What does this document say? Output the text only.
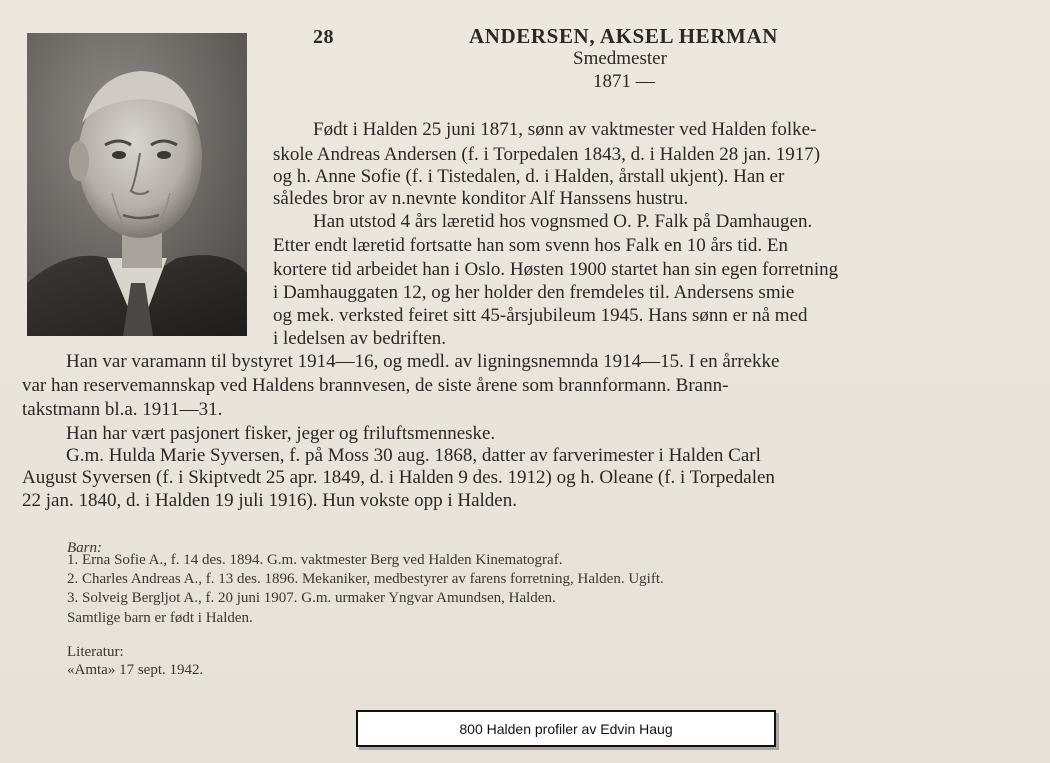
28	ANDERSEN, AKSEL HERMAN
Smedmester
1871 —
Født i Halden 25 juni 1871, sønn av vaktmester ved Halden folke-
skole Andreas Andersen (f. i Torpedalen 1843, d. i Halden 28 jan. 1917)
og h. Anne Sofie (f. i Tistedalen, d. i Halden, årstall ukjent). Han er
således bror av n.nevnte konditor Alf Hanssens hustru.
Han utstod 4 års læretid hos vognsmed O. P. Falk på Damhaugen.
Etter endt læretid fortsatte han som svenn hos Falk en 10 års tid. En
kortere tid arbeidet han i Oslo. Høsten 1900 startet han sin egen forretning
i Damhauggaten 12, og her holder den fremdeles til. Andersens smie
og mek. verksted feiret sitt 45-årsjubileum 1945. Hans sønn er nå med
i ledelsen av bedriften.
Han var varamann til bystyret 1914—16, og medl. av ligningsnemnda 1914—15. I en årrekke
var han reservemannskap ved Haldens brannvesen, de siste årene som brannformann. Brann-
takstmann bl.a. 1911—31.
Han har vært pasjonert fisker, jeger og friluftsmenneske.
G.m. Hulda Marie Syversen, f. på Moss 30 aug. 1868, datter av farverimester i Halden Carl
August Syversen (f. i Skiptvedt 25 apr. 1849, d. i Halden 9 des. 1912) og h. Oleane (f. i Torpedalen
22 jan. 1840, d. i Halden 19 juli 1916). Hun vokste opp i Halden.
Barn:
1. Erna Sofie A., f. 14 des. 1894. G.m. vaktmester Berg ved Halden Kinematograf.
2. Charles Andreas A., f. 13 des. 1896. Mekaniker, medbestyrer av farens forretning, Halden. Ugift.
3. Solveig Bergljot A., f. 20 juni 1907. G.m. urmaker Yngvar Amundsen, Halden.
Samtlige barn er født i Halden.
Literatur:
«Amta» 17 sept. 1942.
800 Halden profiler av Edvin Haug
